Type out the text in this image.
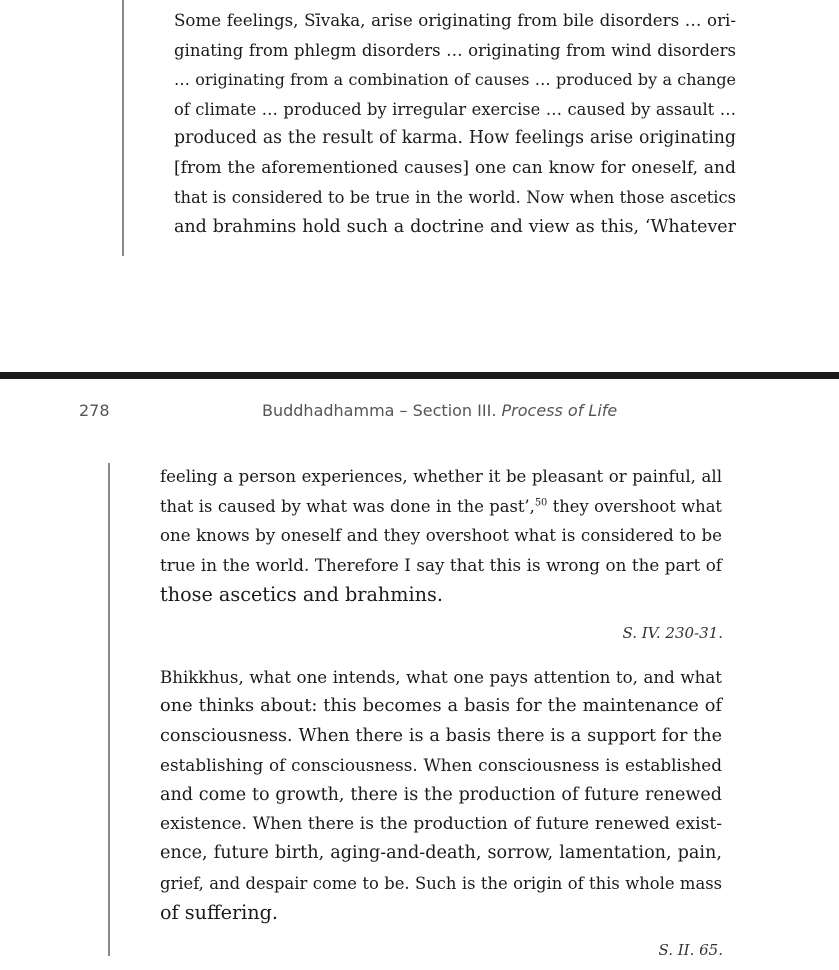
Some feelings, Sīvaka, arise originating from bile disorders … ori-
ginating from phlegm disorders … originating from wind disorders
… originating from a combination of causes … produced by a change
of climate … produced by irregular exercise … caused by assault …
produced as the result of karma. How feelings arise originating
[from the aforementioned causes] one can know for oneself, and
that is considered to be true in the world. Now when those ascetics
and brahmins hold such a doctrine and view as this, ‘Whatever
278	Buddhadhamma – Section III. Process of Life
feeling a person experiences, whether it be pleasant or painful, all
that is caused by what was done in the past’,$^{50}$ they overshoot what
one knows by oneself and they overshoot what is considered to be
true in the world. Therefore I say that this is wrong on the part of
those ascetics and brahmins.
S. IV. 230-31.
Bhikkhus, what one intends, what one pays attention to, and what
one thinks about: this becomes a basis for the maintenance of
consciousness. When there is a basis there is a support for the
establishing of consciousness. When consciousness is established
and come to growth, there is the production of future renewed
existence. When there is the production of future renewed exist-
ence, future birth, aging-and-death, sorrow, lamentation, pain,
grief, and despair come to be. Such is the origin of this whole mass
of suffering.
S. II. 65.
